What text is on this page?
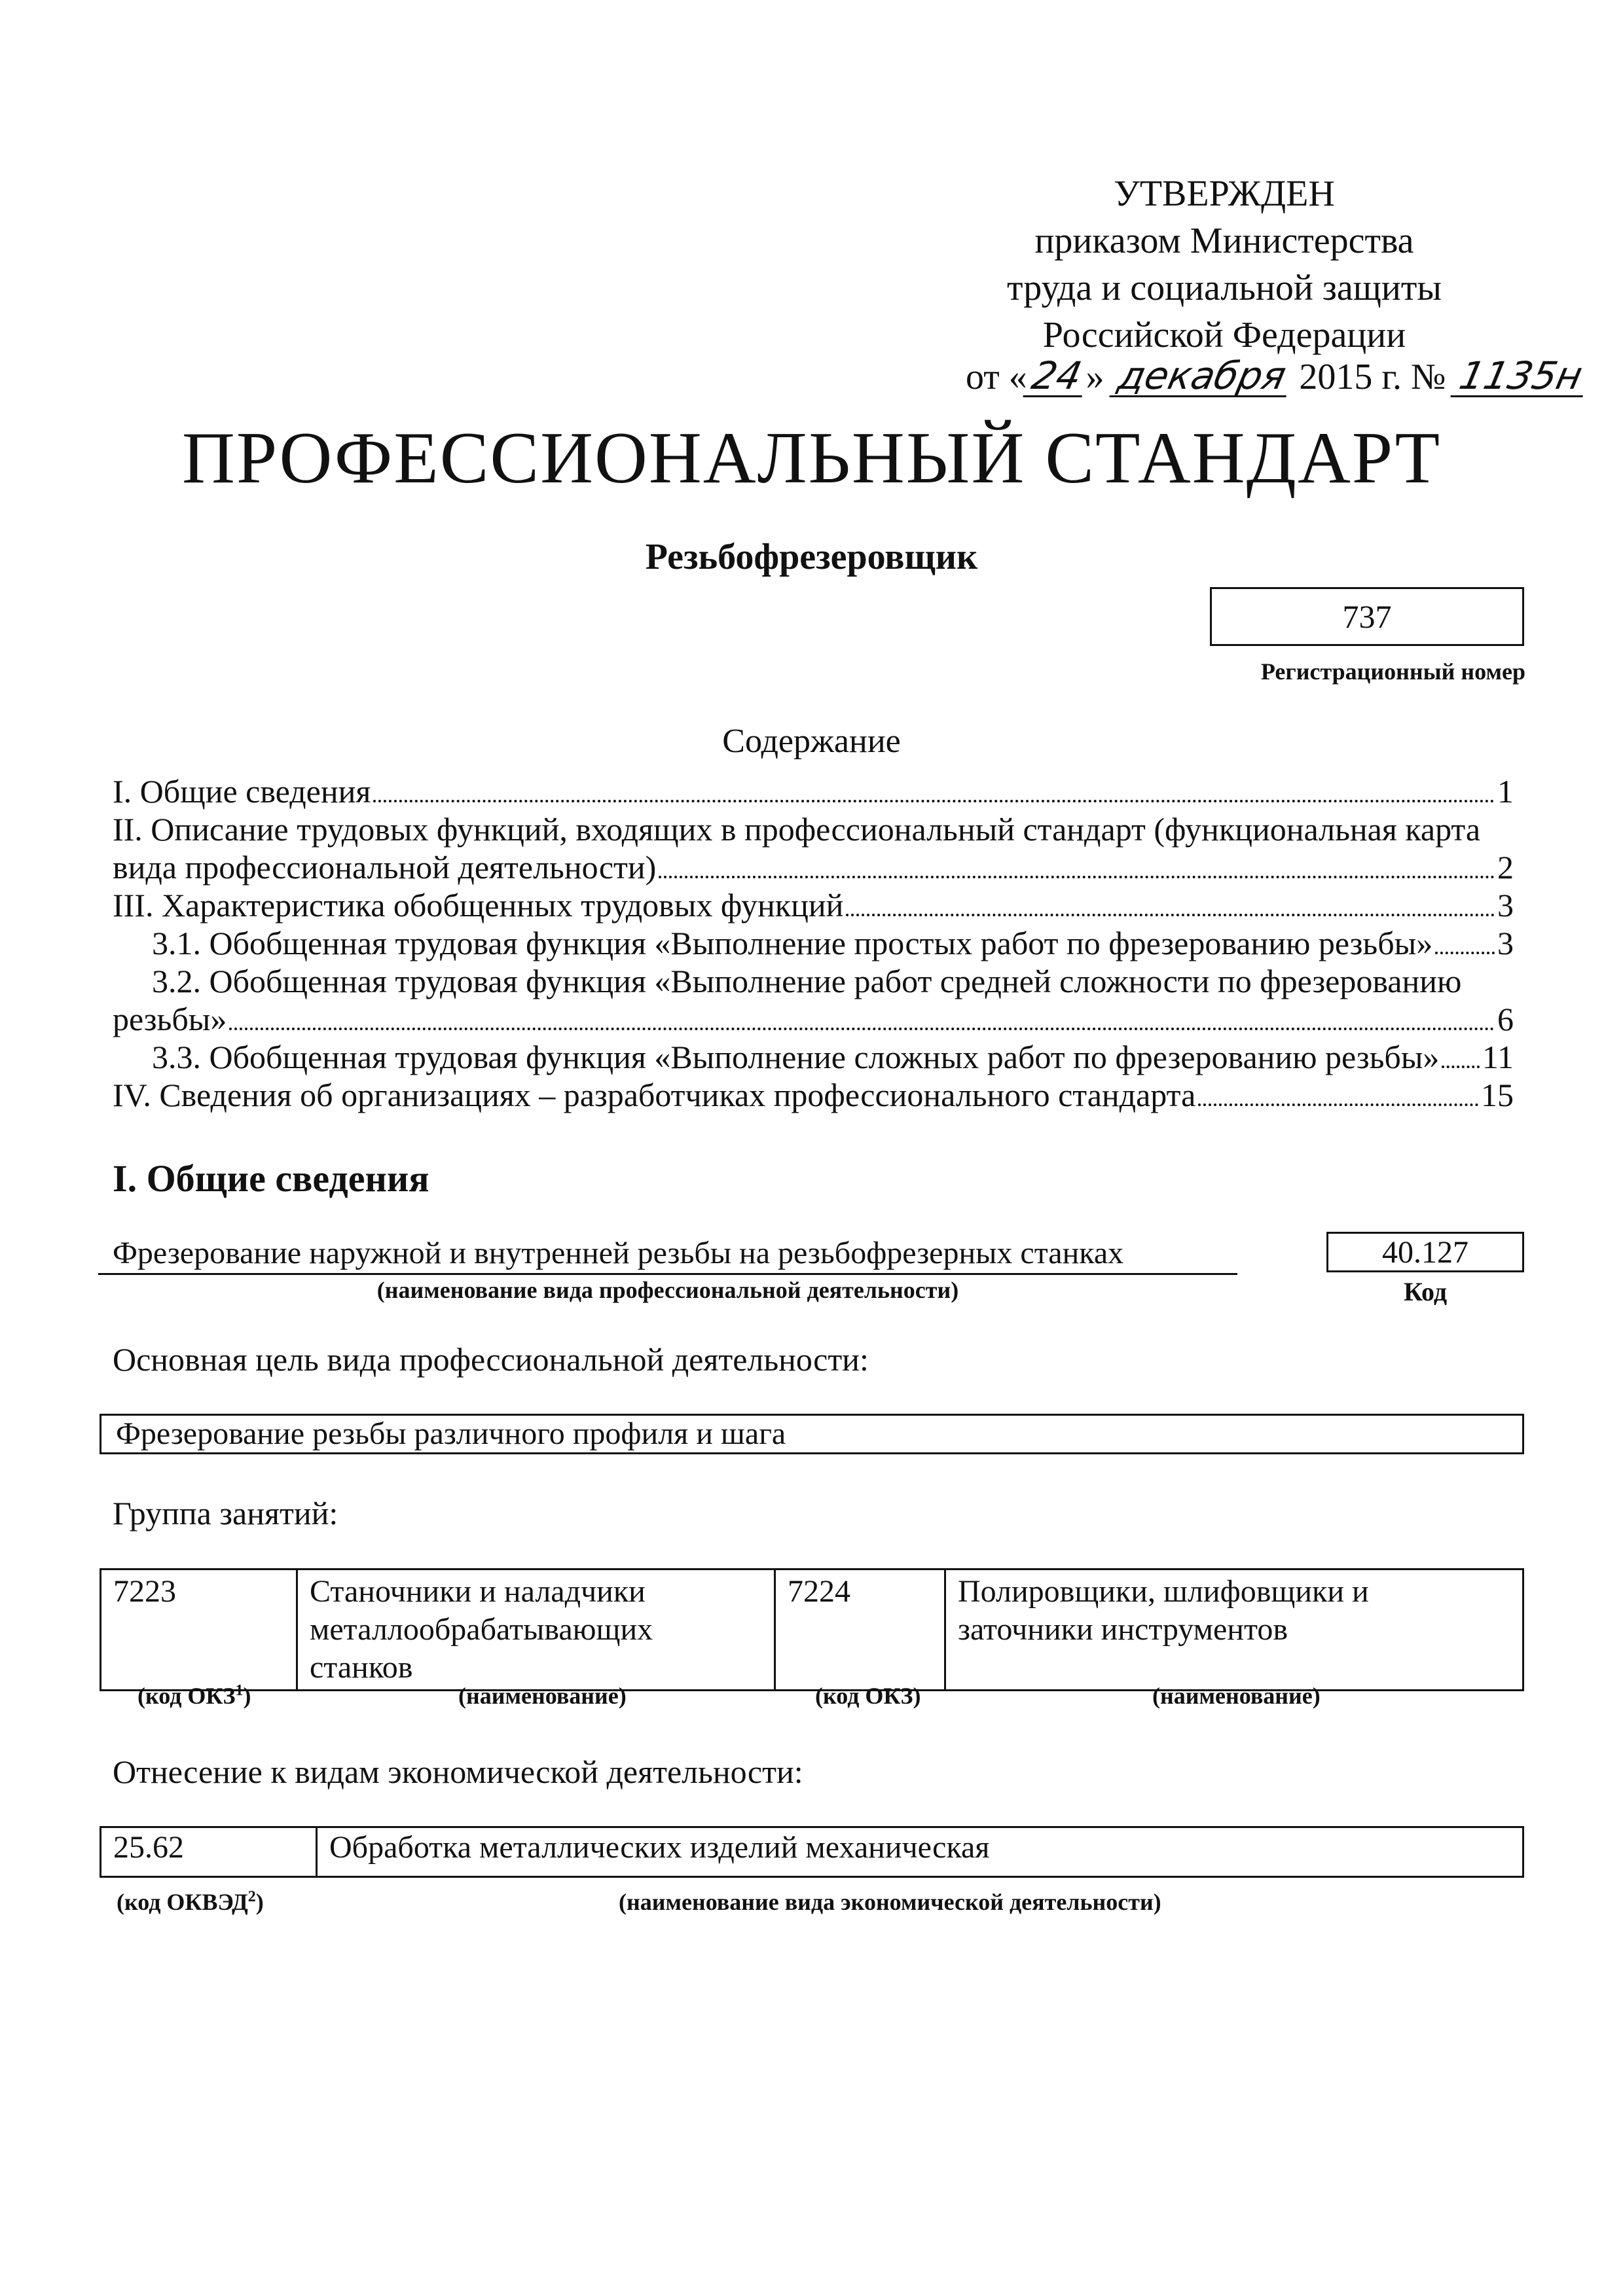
УТВЕРЖДЕН
приказом Министерства
труда и социальной защиты
Российской Федерации
от «24» декабря 2015 г. № 1135н
ПРОФЕССИОНАЛЬНЫЙ СТАНДАРТ
Резьбофрезеровщик
737
Регистрационный номер
Содержание
I. Общие сведения	1
II. Описание трудовых функций, входящих в профессиональный стандарт (функциональная карта
вида профессиональной деятельности)	2
III. Характеристика обобщенных трудовых функций	3
3.1. Обобщенная трудовая функция «Выполнение простых работ по фрезерованию резьбы» 3
3.2. Обобщенная трудовая функция «Выполнение работ средней сложности по фрезерованию
резьбы»	6
3.3. Обобщенная трудовая функция «Выполнение сложных работ по фрезерованию резьбы» 11
IV. Сведения об организациях – разработчиках профессионального стандарта	15
I. Общие сведения
Фрезерование наружной и внутренней резьбы на резьбофрезерных станках
(наименование вида профессиональной деятельности)
40.127
Код
Основная цель вида профессиональной деятельности:
Фрезерование резьбы различного профиля и шага
Группа занятий:
7223	Станочники и наладчики металлообрабатывающих станков	7224	Полировщики, шлифовщики и заточники инструментов
(код ОКЗ$^1$)	(наименование)	(код ОКЗ)	(наименование)
Отнесение к видам экономической деятельности:
25.62	Обработка металлических изделий механическая
(код ОКВЭД$^2$)	(наименование вида экономической деятельности)
